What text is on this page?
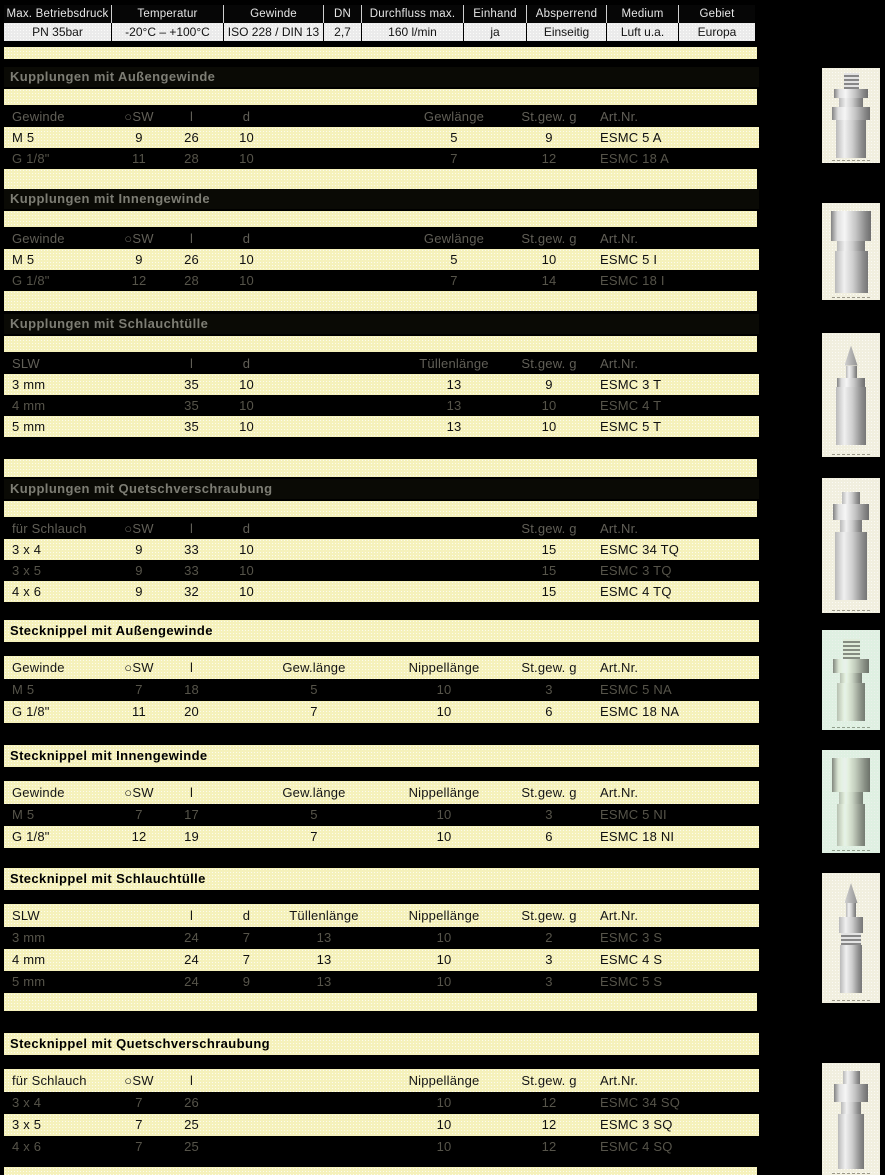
Max. Betriebsdruck	Temperatur	Gewinde	DN	Durchfluss max.	Einhand	Absperrend	Medium	Gebiet
PN 35bar	-20°C – +100°C	ISO 228 / DIN 13	2,7	160 l/min	ja	Einseitig	Luft u.a.	Europa
Kupplungen mit Außengewinde
Gewinde	○SW	l	d	Gewlänge	St.gew. g	Art.Nr.
M 5	9	26	10	5	9	ESMC 5 A
G 1/8"	11	28	10	7	12	ESMC 18 A
Kupplungen mit Innengewinde
Gewinde	○SW	l	d	Gewlänge	St.gew. g	Art.Nr.
M 5	9	26	10	5	10	ESMC 5 I
G 1/8"	12	28	10	7	14	ESMC 18 I
Kupplungen mit Schlauchtülle
SLW	l	d	Tüllenlänge	St.gew. g	Art.Nr.
3 mm	35	10	13	9	ESMC 3 T
4 mm	35	10	13	10	ESMC 4 T
5 mm	35	10	13	10	ESMC 5 T
Kupplungen mit Quetschverschraubung
für Schlauch	○SW	l	d	St.gew. g	Art.Nr.
3 x 4	9	33	10	15	ESMC 34 TQ
3 x 5	9	33	10	15	ESMC 3 TQ
4 x 6	9	32	10	15	ESMC 4 TQ
Stecknippel mit Außengewinde
Gewinde	○SW	l	Gew.länge	Nippellänge	St.gew. g	Art.Nr.
M 5	7	18	5	10	3	ESMC 5 NA
G 1/8"	11	20	7	10	6	ESMC 18 NA
Stecknippel mit Innengewinde
Gewinde	○SW	l	Gew.länge	Nippellänge	St.gew. g	Art.Nr.
M 5	7	17	5	10	3	ESMC 5 NI
G 1/8"	12	19	7	10	6	ESMC 18 NI
Stecknippel mit Schlauchtülle
SLW	l	d	Tüllenlänge	Nippellänge	St.gew. g	Art.Nr.
3 mm	24	7	13	10	2	ESMC 3 S
4 mm	24	7	13	10	3	ESMC 4 S
5 mm	24	9	13	10	3	ESMC 5 S
Stecknippel mit Quetschverschraubung
für Schlauch	○SW	l	Nippellänge	St.gew. g	Art.Nr.
3 x 4	7	26	10	12	ESMC 34 SQ
3 x 5	7	25	10	12	ESMC 3 SQ
4 x 6	7	25	10	12	ESMC 4 SQ
